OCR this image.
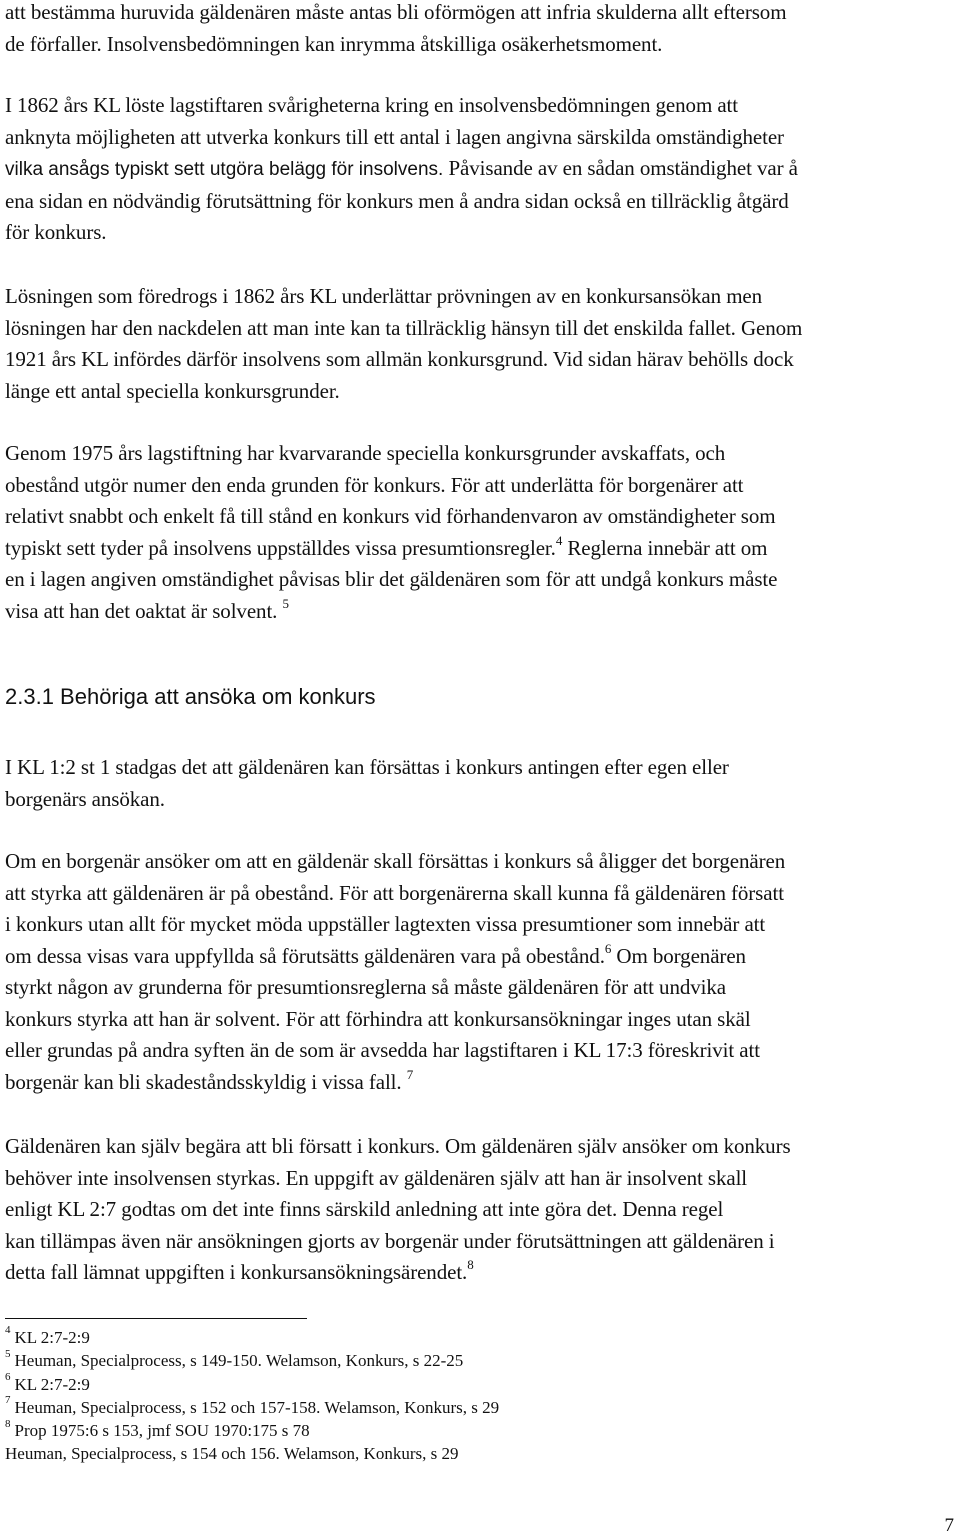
att bestämma huruvida gäldenären måste antas bli oförmögen att infria skulderna allt eftersom
de förfaller. Insolvensbedömningen kan inrymma åtskilliga osäkerhetsmoment.

I 1862 års KL löste lagstiftaren svårigheterna kring en insolvensbedömningen genom att
anknyta möjligheten att utverka konkurs till ett antal i lagen angivna särskilda omständigheter
vilka ansågs typiskt sett utgöra belägg för insolvens. Påvisande av en sådan omständighet var å
ena sidan en nödvändig förutsättning för konkurs men å andra sidan också en tillräcklig åtgärd
för konkurs.

Lösningen som föredrogs i 1862 års KL underlättar prövningen av en konkursansökan men
lösningen har den nackdelen att man inte kan ta tillräcklig hänsyn till det enskilda fallet. Genom
1921 års KL infördes därför insolvens som allmän konkursgrund. Vid sidan härav behölls dock
länge ett antal speciella konkursgrunder.

Genom 1975 års lagstiftning har kvarvarande speciella konkursgrunder avskaffats, och
obestånd utgör numer den enda grunden för konkurs. För att underlätta för borgenärer att
relativt snabbt och enkelt få till stånd en konkurs vid förhandenvaron av omständigheter som
typiskt sett tyder på insolvens uppställdes vissa presumtionsregler.$^4$ Reglerna innebär att om
en i lagen angiven omständighet påvisas blir det gäldenären som för att undgå konkurs måste
visa att han det oaktat är solvent. $^5$

2.3.1 Behöriga att ansöka om konkurs

I KL 1:2 st 1 stadgas det att gäldenären kan försättas i konkurs antingen efter egen eller
borgenärs ansökan.

Om en borgenär ansöker om att en gäldenär skall försättas i konkurs så åligger det borgenären
att styrka att gäldenären är på obestånd. För att borgenärerna skall kunna få gäldenären försatt
i konkurs utan allt för mycket möda uppställer lagtexten vissa presumtioner som innebär att
om dessa visas vara uppfyllda så förutsätts gäldenären vara på obestånd.$^6$ Om borgenären
styrkt någon av grunderna för presumtionsreglerna så måste gäldenären för att undvika
konkurs styrka att han är solvent. För att förhindra att konkursansökningar inges utan skäl
eller grundas på andra syften än de som är avsedda har lagstiftaren i KL 17:3 föreskrivit att
borgenär kan bli skadeståndsskyldig i vissa fall. $^7$

Gäldenären kan själv begära att bli försatt i konkurs. Om gäldenären själv ansöker om konkurs
behöver inte insolvensen styrkas. En uppgift av gäldenären själv att han är insolvent skall
enligt KL 2:7 godtas om det inte finns särskild anledning att inte göra det. Denna regel
kan tillämpas även när ansökningen gjorts av borgenär under förutsättningen att gäldenären i
detta fall lämnat uppgiften i konkursansökningsärendet.$^8$

$^4$ KL 2:7-2:9
$^5$ Heuman, Specialprocess, s 149-150. Welamson, Konkurs, s 22-25
$^6$ KL 2:7-2:9
$^7$ Heuman, Specialprocess, s 152 och 157-158. Welamson, Konkurs, s 29
$^8$ Prop 1975:6 s 153, jmf SOU 1970:175 s 78
Heuman, Specialprocess, s 154 och 156. Welamson, Konkurs, s 29
7
